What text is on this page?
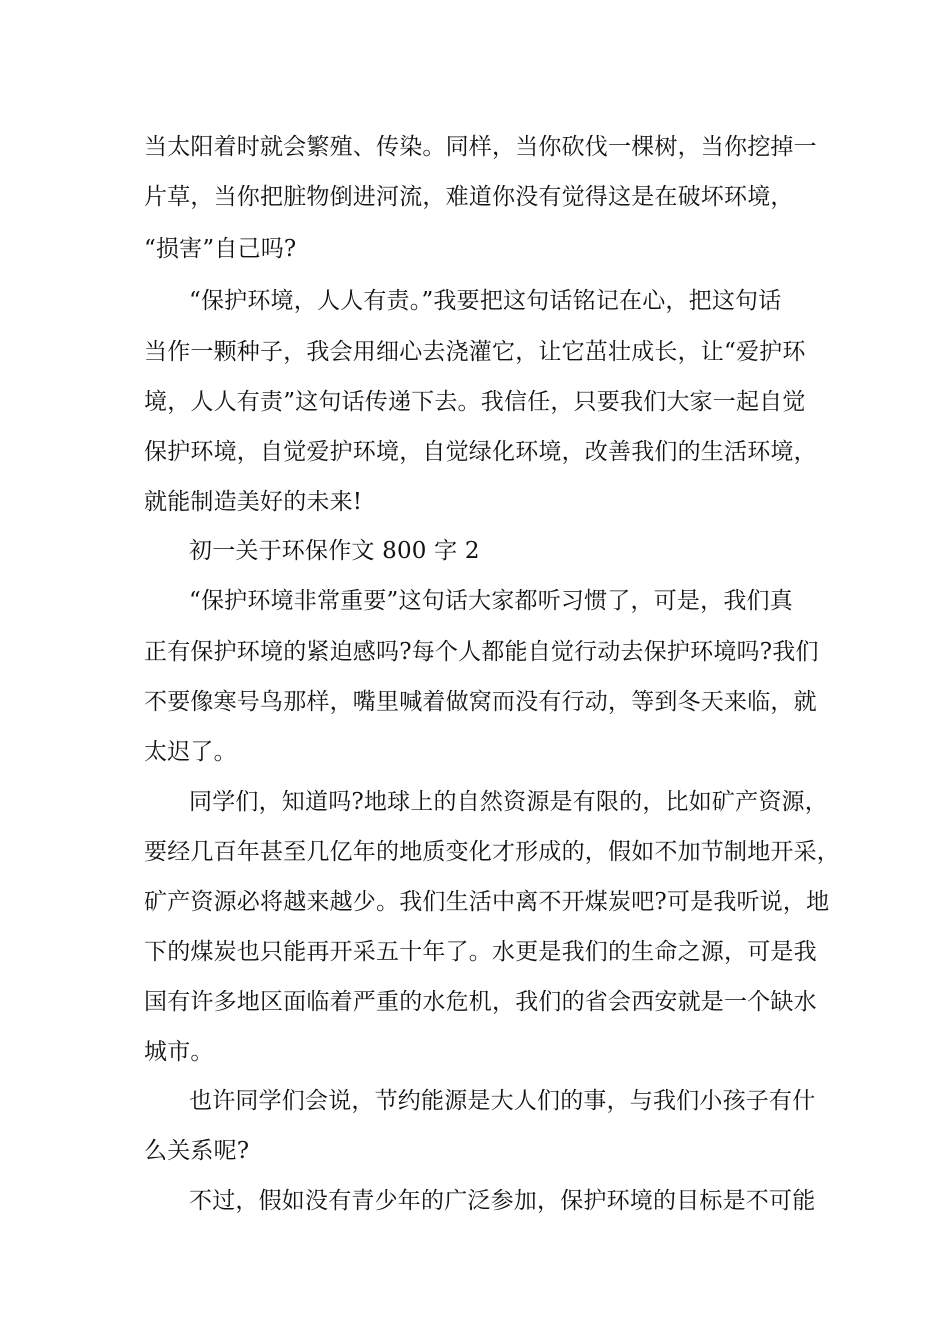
当太阳着时就会繁殖、传染。同样，当你砍伐一棵树，当你挖掉一
片草，当你把脏物倒进河流，难道你没有觉得这是在破坏环境，
“损害”自己吗?
“保护环境，人人有责。”我要把这句话铭记在心，把这句话
当作一颗种子，我会用细心去浇灌它，让它茁壮成长，让“爱护环
境，人人有责”这句话传递下去。我信任，只要我们大家一起自觉
保护环境，自觉爱护环境，自觉绿化环境，改善我们的生活环境，
就能制造美好的未来!
初一关于环保作文 800 字 2
“保护环境非常重要”这句话大家都听习惯了，可是，我们真
正有保护环境的紧迫感吗?每个人都能自觉行动去保护环境吗?我们
不要像寒号鸟那样，嘴里喊着做窝而没有行动，等到冬天来临，就
太迟了。
同学们，知道吗?地球上的自然资源是有限的，比如矿产资源，
要经几百年甚至几亿年的地质变化才形成的，假如不加节制地开采，
矿产资源必将越来越少。我们生活中离不开煤炭吧?可是我听说，地
下的煤炭也只能再开采五十年了。水更是我们的生命之源，可是我
国有许多地区面临着严重的水危机，我们的省会西安就是一个缺水
城市。
也许同学们会说，节约能源是大人们的事，与我们小孩子有什
么关系呢?
不过，假如没有青少年的广泛参加，保护环境的目标是不可能
